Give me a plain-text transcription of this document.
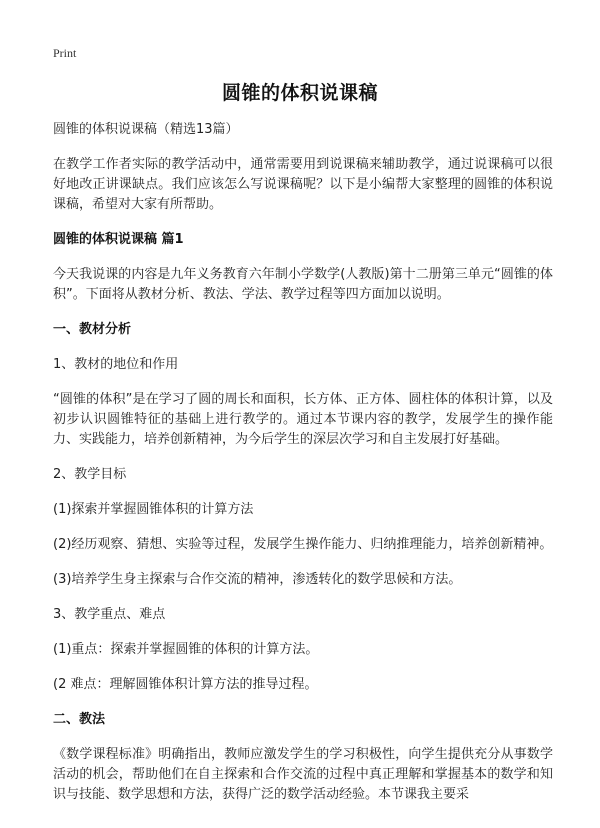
Print
圆锥的体积说课稿

圆锥的体积说课稿（精选13篇）

在教学工作者实际的教学活动中，通常需要用到说课稿来辅助教学，通过说课稿可以很好地改正讲课缺点。我们应该怎么写说课稿呢？以下是小编帮大家整理的圆锥的体积说课稿，希望对大家有所帮助。

圆锥的体积说课稿 篇1

今天我说课的内容是九年义务教育六年制小学数学(人教版)第十二册第三单元“圆锥的体积”。下面将从教材分析、教法、学法、教学过程等四方面加以说明。

一、教材分析

1、教材的地位和作用

“圆锥的体积”是在学习了圆的周长和面积，长方体、正方体、圆柱体的体积计算，以及初步认识圆锥特征的基础上进行教学的。通过本节课内容的教学，发展学生的操作能力、实践能力，培养创新精神，为今后学生的深层次学习和自主发展打好基础。

2、教学目标

(1)探索并掌握圆锥体积的计算方法

(2)经历观察、猜想、实验等过程，发展学生操作能力、归纳推理能力，培养创新精神。

(3)培养学生身主探索与合作交流的精神，渗透转化的数学思候和方法。

3、教学重点、难点

(1)重点：探索并掌握圆锥的体积的计算方法。

(2 难点：理解圆锥体积计算方法的推导过程。

二、教法

《数学课程标准》明确指出，教师应激发学生的学习积极性，向学生提供充分从事数学活动的机会，帮助他们在自主探索和合作交流的过程中真正理解和掌握基本的数学和知识与技能、数学思想和方法，获得广泛的数学活动经验。本节课我主要采
